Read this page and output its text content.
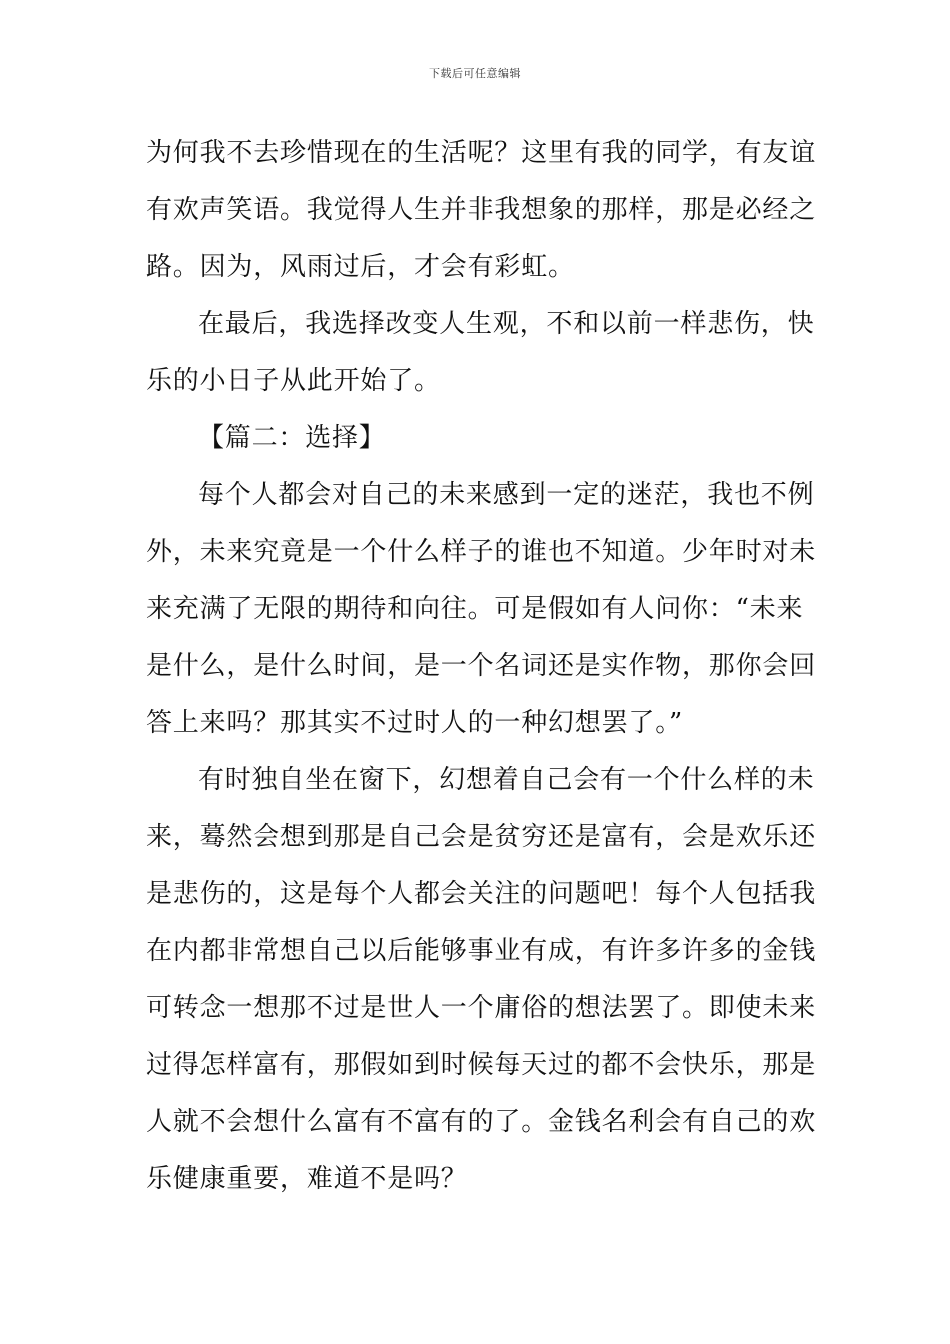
下载后可任意编辑
为何我不去珍惜现在的生活呢？这里有我的同学，有友谊
有欢声笑语。我觉得人生并非我想象的那样，那是必经之
路。因为，风雨过后，才会有彩虹。
在最后，我选择改变人生观，不和以前一样悲伤，快
乐的小日子从此开始了。
【篇二：选择】
每个人都会对自己的未来感到一定的迷茫，我也不例
外，未来究竟是一个什么样子的谁也不知道。少年时对未
来充满了无限的期待和向往。可是假如有人问你：“未来
是什么，是什么时间，是一个名词还是实作物，那你会回
答上来吗？那其实不过时人的一种幻想罢了。”
有时独自坐在窗下，幻想着自己会有一个什么样的未
来，蓦然会想到那是自己会是贫穷还是富有，会是欢乐还
是悲伤的，这是每个人都会关注的问题吧！每个人包括我
在内都非常想自己以后能够事业有成，有许多许多的金钱
可转念一想那不过是世人一个庸俗的想法罢了。即使未来
过得怎样富有，那假如到时候每天过的都不会快乐，那是
人就不会想什么富有不富有的了。金钱名利会有自己的欢
乐健康重要，难道不是吗？
